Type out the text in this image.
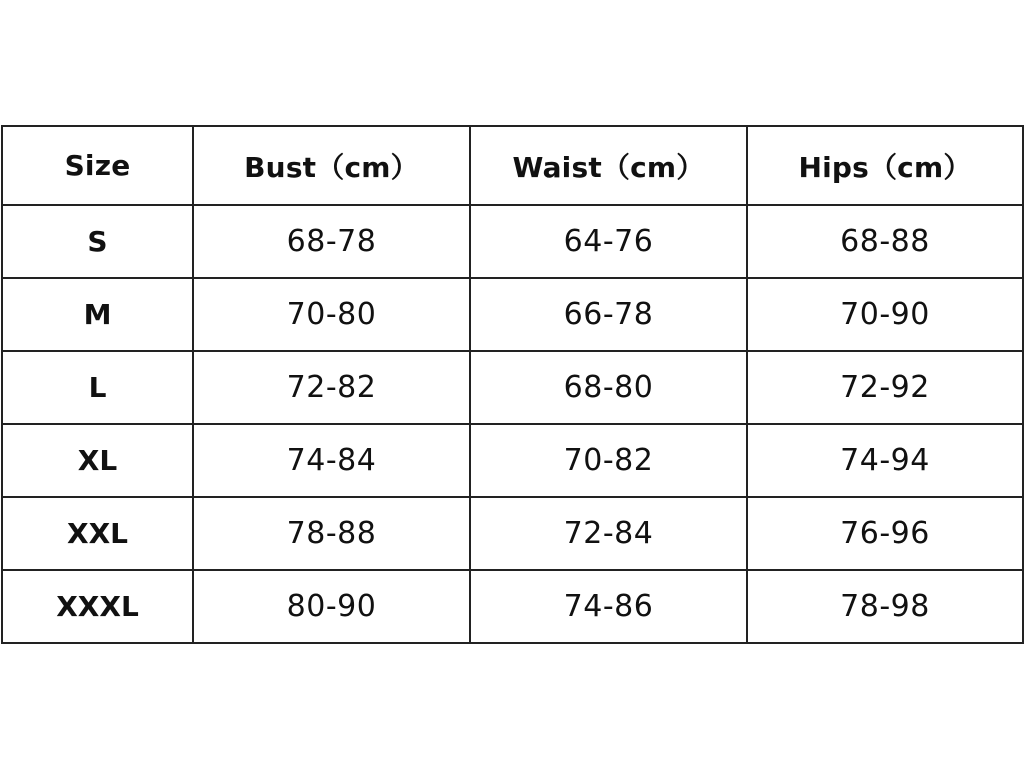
Size	Bust（cm）	Waist（cm）	Hips（cm）
S	68-78	64-76	68-88
M	70-80	66-78	70-90
L	72-82	68-80	72-92
XL	74-84	70-82	74-94
XXL	78-88	72-84	76-96
XXXL	80-90	74-86	78-98
